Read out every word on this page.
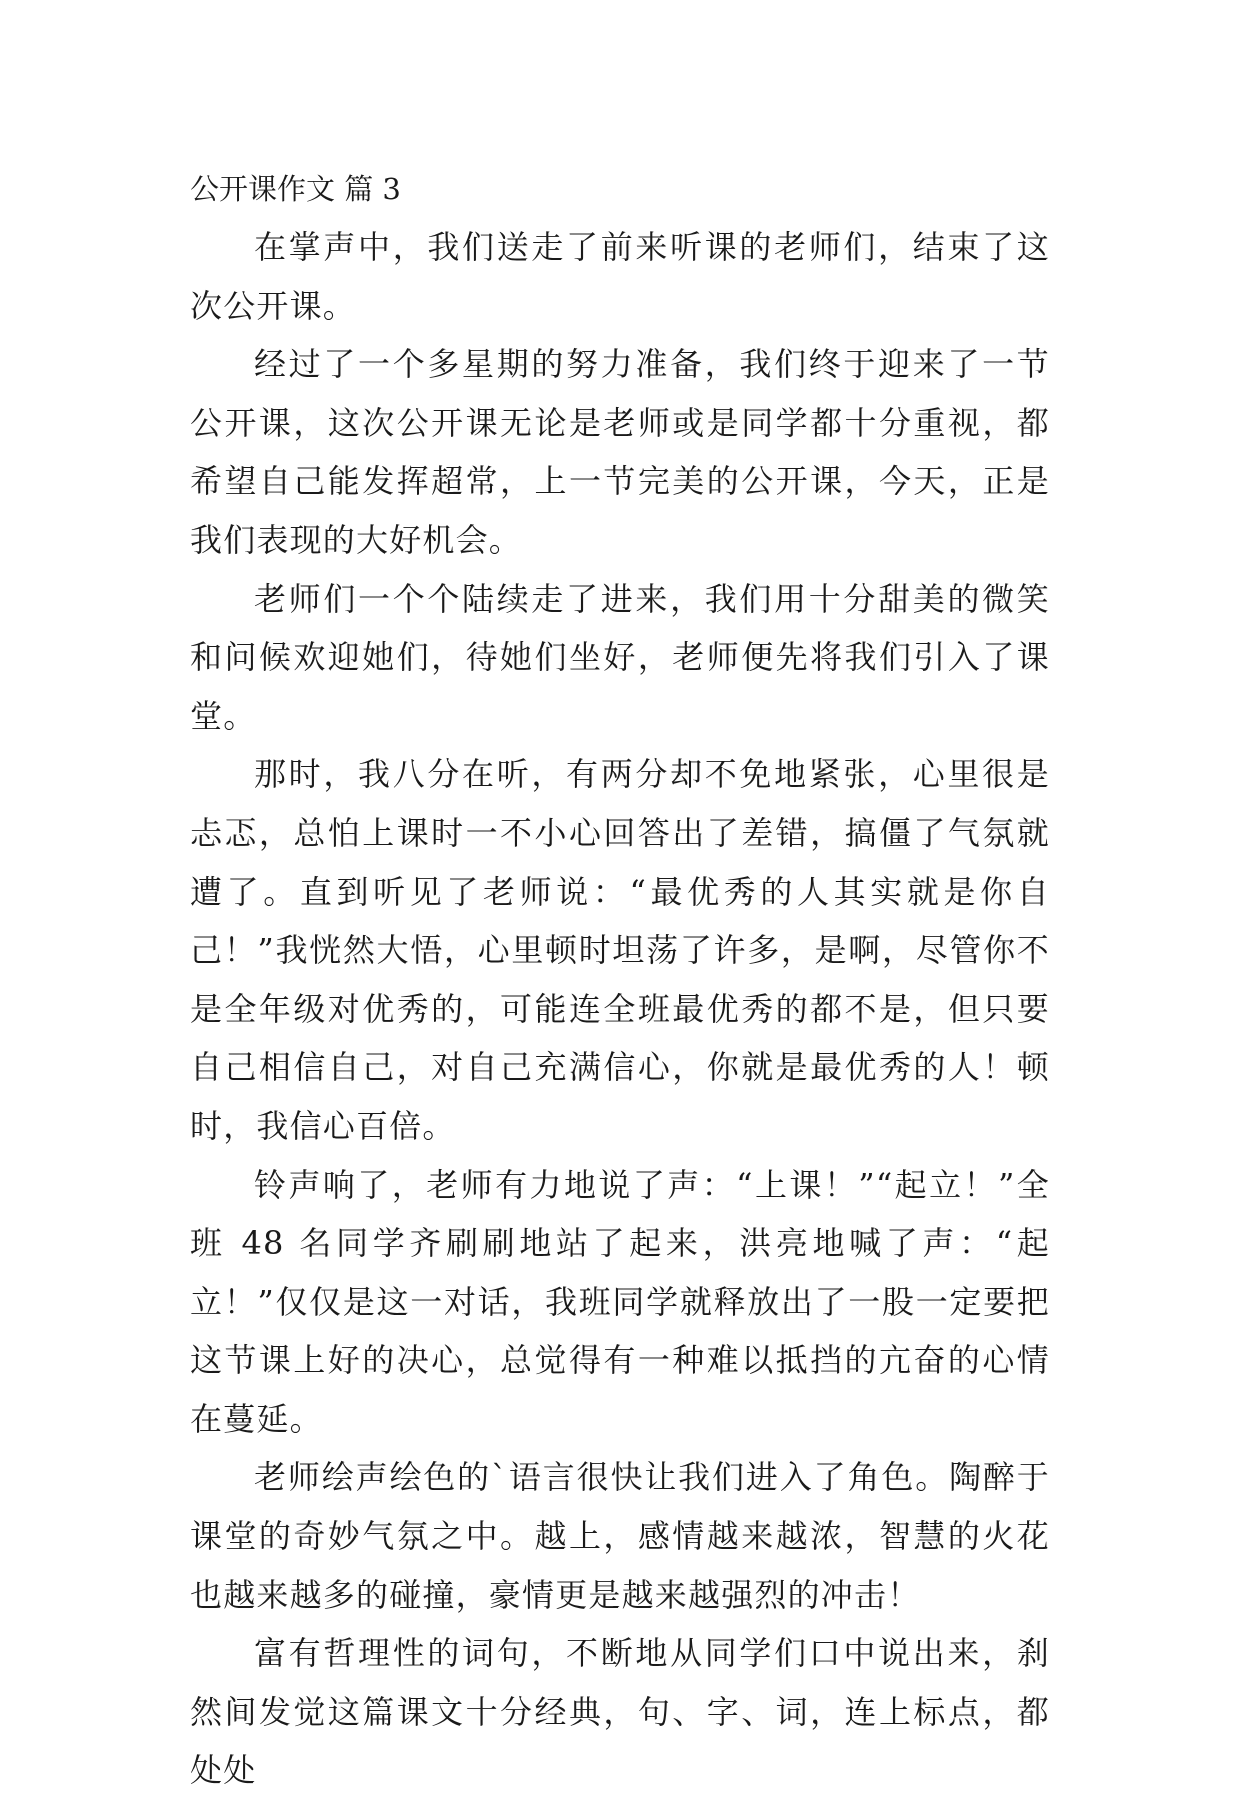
公开课作文 篇 3

在掌声中，我们送走了前来听课的老师们，结束了这次公开课。

经过了一个多星期的努力准备，我们终于迎来了一节公开课，这次公开课无论是老师或是同学都十分重视，都希望自己能发挥超常，上一节完美的公开课，今天，正是我们表现的大好机会。

老师们一个个陆续走了进来，我们用十分甜美的微笑和问候欢迎她们，待她们坐好，老师便先将我们引入了课堂。

那时，我八分在听，有两分却不免地紧张，心里很是忐忑，总怕上课时一不小心回答出了差错，搞僵了气氛就遭了。直到听见了老师说：“最优秀的人其实就是你自己！”我恍然大悟，心里顿时坦荡了许多，是啊，尽管你不是全年级对优秀的，可能连全班最优秀的都不是，但只要自己相信自己，对自己充满信心，你就是最优秀的人！顿时，我信心百倍。

铃声响了，老师有力地说了声：“上课！”“起立！”全班 48 名同学齐刷刷地站了起来，洪亮地喊了声：“起立！”仅仅是这一对话，我班同学就释放出了一股一定要把这节课上好的决心，总觉得有一种难以抵挡的亢奋的心情在蔓延。

老师绘声绘色的`语言很快让我们进入了角色。陶醉于课堂的奇妙气氛之中。越上，感情越来越浓，智慧的火花也越来越多的碰撞，豪情更是越来越强烈的冲击！

富有哲理性的词句，不断地从同学们口中说出来，刹然间发觉这篇课文十分经典，句、字、词，连上标点，都处处
